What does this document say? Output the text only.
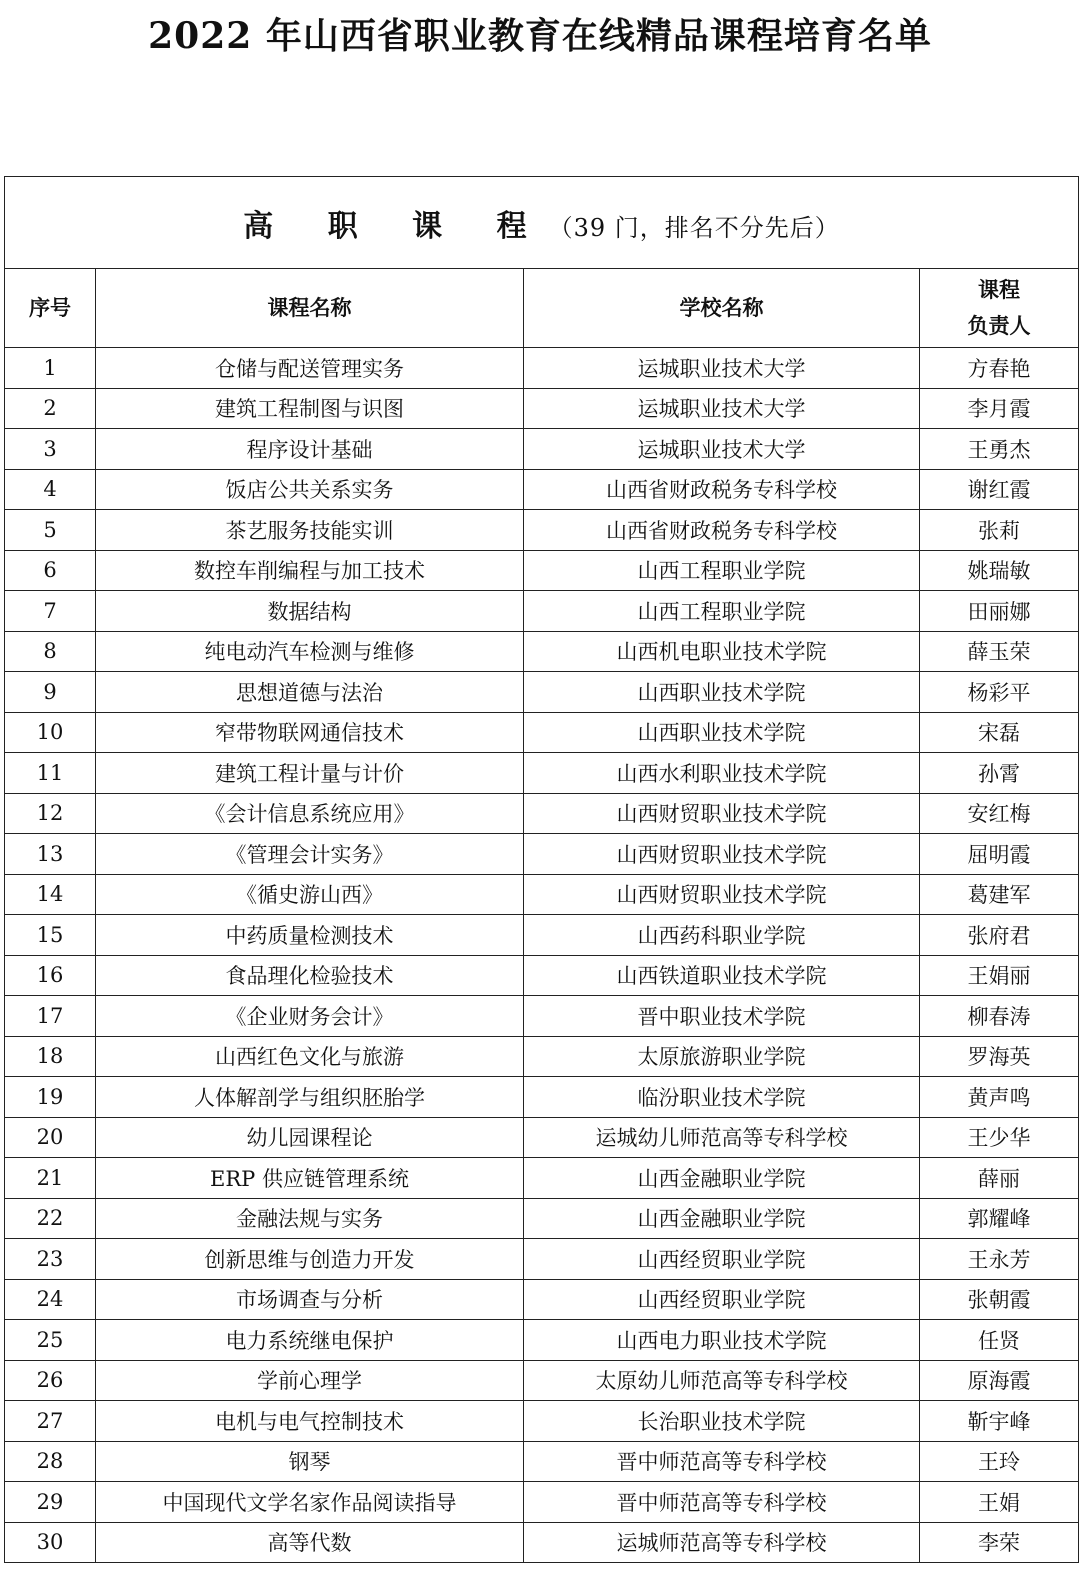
2022 年山西省职业教育在线精品课程培育名单
高 职 课 程（39 门，排名不分先后）			
序号	课程名称	学校名称	课程
负责人

1	仓储与配送管理实务	运城职业技术大学	方春艳
2	建筑工程制图与识图	运城职业技术大学	李月霞
3	程序设计基础	运城职业技术大学	王勇杰
4	饭店公共关系实务	山西省财政税务专科学校	谢红霞
5	茶艺服务技能实训	山西省财政税务专科学校	张莉
6	数控车削编程与加工技术	山西工程职业学院	姚瑞敏
7	数据结构	山西工程职业学院	田丽娜
8	纯电动汽车检测与维修	山西机电职业技术学院	薛玉荣
9	思想道德与法治	山西职业技术学院	杨彩平
10	窄带物联网通信技术	山西职业技术学院	宋磊
11	建筑工程计量与计价	山西水利职业技术学院	孙霄
12	《会计信息系统应用》	山西财贸职业技术学院	安红梅
13	《管理会计实务》	山西财贸职业技术学院	屈明霞
14	《循史游山西》	山西财贸职业技术学院	葛建军
15	中药质量检测技术	山西药科职业学院	张府君
16	食品理化检验技术	山西铁道职业技术学院	王娟丽
17	《企业财务会计》	晋中职业技术学院	柳春涛
18	山西红色文化与旅游	太原旅游职业学院	罗海英
19	人体解剖学与组织胚胎学	临汾职业技术学院	黄声鸣
20	幼儿园课程论	运城幼儿师范高等专科学校	王少华
21	ERP 供应链管理系统	山西金融职业学院	薛丽
22	金融法规与实务	山西金融职业学院	郭耀峰
23	创新思维与创造力开发	山西经贸职业学院	王永芳
24	市场调查与分析	山西经贸职业学院	张朝霞
25	电力系统继电保护	山西电力职业技术学院	任贤
26	学前心理学	太原幼儿师范高等专科学校	原海霞
27	电机与电气控制技术	长治职业技术学院	靳宇峰
28	钢琴	晋中师范高等专科学校	王玲
29	中国现代文学名家作品阅读指导	晋中师范高等专科学校	王娟
30	高等代数	运城师范高等专科学校	李荣
